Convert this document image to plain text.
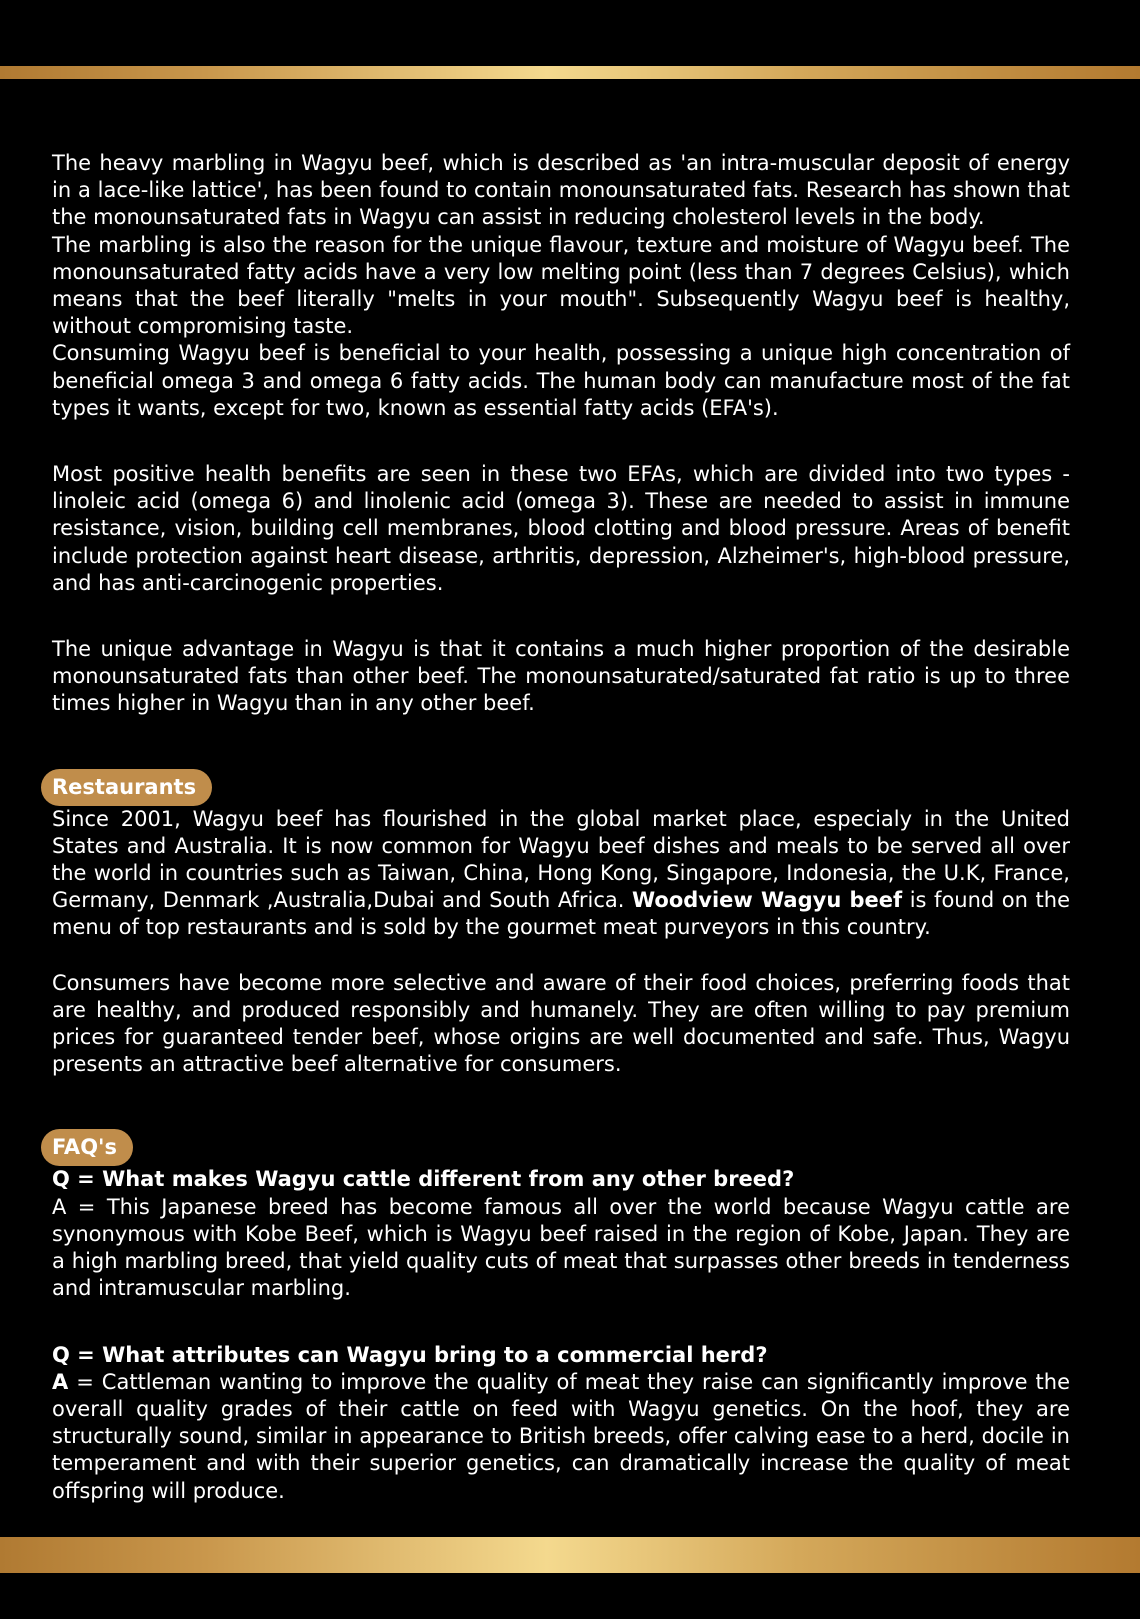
The heavy marbling in Wagyu beef, which is described as 'an intra-muscular deposit of energy in a lace-like lattice', has been found to contain monounsaturated fats. Research has shown that the monounsaturated fats in Wagyu can assist in reducing cholesterol levels in the body.

The marbling is also the reason for the unique flavour, texture and moisture of Wagyu beef. The monounsaturated fatty acids have a very low melting point (less than 7 degrees Celsius), which means that the beef literally "melts in your mouth". Subsequently Wagyu beef is healthy, without compromising taste.

Consuming Wagyu beef is beneficial to your health, possessing a unique high concentration of beneficial omega 3 and omega 6 fatty acids. The human body can manufacture most of the fat types it wants, except for two, known as essential fatty acids (EFA's).

Most positive health benefits are seen in these two EFAs, which are divided into two types - linoleic acid (omega 6) and linolenic acid (omega 3). These are needed to assist in immune resistance, vision, building cell membranes, blood clotting and blood pressure. Areas of benefit include protection against heart disease, arthritis, depression, Alzheimer's, high-blood pressure, and has anti-carcinogenic properties.

The unique advantage in Wagyu is that it contains a much higher proportion of the desirable monounsaturated fats than other beef. The monounsaturated/saturated fat ratio is up to three times higher in Wagyu than in any other beef.

Restaurants

Since 2001, Wagyu beef has flourished in the global market place, especialy in the United States and Australia. It is now common for Wagyu beef dishes and meals to be served all over the world in countries such as Taiwan, China, Hong Kong, Singapore, Indonesia, the U.K, France, Germany, Denmark ,Australia,Dubai and South Africa. Woodview Wagyu beef is found on the menu of top restaurants and is sold by the gourmet meat purveyors in this country.

Consumers have become more selective and aware of their food choices, preferring foods that are healthy, and produced responsibly and humanely. They are often willing to pay premium prices for guaranteed tender beef, whose origins are well documented and safe. Thus, Wagyu presents an attractive beef alternative for consumers.

FAQ's

Q = What makes Wagyu cattle different from any other breed?

A = This Japanese breed has become famous all over the world because Wagyu cattle are synonymous with Kobe Beef, which is Wagyu beef raised in the region of Kobe, Japan. They are a high marbling breed, that yield quality cuts of meat that surpasses other breeds in tenderness and intramuscular marbling.

Q = What attributes can Wagyu bring to a commercial herd?

A = Cattleman wanting to improve the quality of meat they raise can significantly improve the overall quality grades of their cattle on feed with Wagyu genetics. On the hoof, they are structurally sound, similar in appearance to British breeds, offer calving ease to a herd, docile in temperament and with their superior genetics, can dramatically increase the quality of meat offspring will produce.
